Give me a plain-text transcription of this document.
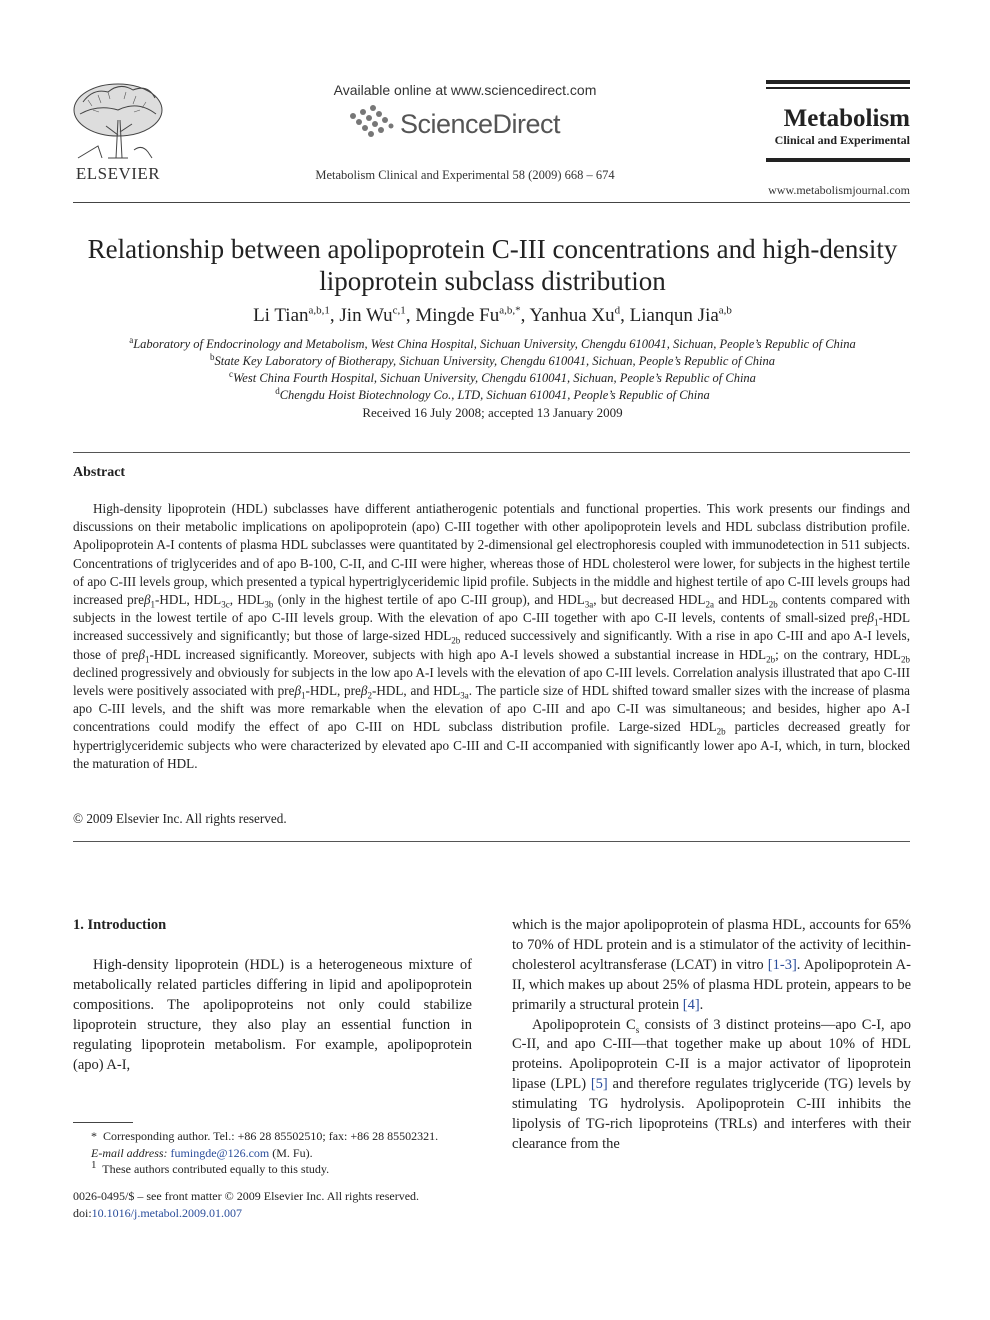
ELSEVIER
Available online at www.sciencedirect.com
ScienceDirect
Metabolism Clinical and Experimental 58 (2009) 668 – 674
Metabolism
Clinical and Experimental
www.metabolismjournal.com
Relationship between apolipoprotein C-III concentrations and high-density lipoprotein subclass distribution
Li Tian$^{a,b,1}$, Jin Wu$^{c,1}$, Mingde $Fu^{a,b,*}$, Yanhua Xu$^d$, Lianqun Jia$^{a,b}$
$^a$Laboratory of Endocrinology and Metabolism, West China Hospital, Sichuan University, Chengdu 610041, Sichuan, People’s Republic of China
$^b$State Key Laboratory of Biotherapy, Sichuan University, Chengdu 610041, Sichuan, People’s Republic of China
$^c$West China Fourth Hospital, Sichuan University, Chengdu 610041, Sichuan, People’s Republic of China
$^d$Chengdu Hoist Biotechnology Co., LTD, Sichuan 610041, People’s Republic of China
Received 16 July 2008; accepted 13 January 2009
Abstract
High-density lipoprotein (HDL) subclasses have different antiatherogenic potentials and functional properties. This work presents our findings and discussions on their metabolic implications on apolipoprotein (apo) C-III together with other apolipoprotein levels and HDL subclass distribution profile. Apolipoprotein A-I contents of plasma HDL subclasses were quantitated by 2-dimensional gel electrophoresis coupled with immunodetection in 511 subjects. Concentrations of triglycerides and of apo B-100, C-II, and C-III were higher, whereas those of HDL cholesterol were lower, for subjects in the highest tertile of apo C-III levels group, which presented a typical hypertriglyceridemic lipid profile. Subjects in the middle and highest tertile of apo C-III levels groups had increased preβ$_1$-HDL, $HDL_{3c}$, $HDL_{3b}$ (only in the highest tertile of apo C-III group), and $HDL_{3a}$, but decreased $HDL_{2a}$ and $HDL_{2b}$ contents compared with subjects in the lowest tertile of apo C-III levels group. With the elevation of apo C-III together with apo C-II levels, contents of small-sized preβ$_1$-HDL increased successively and significantly; but those of large-sized $HDL_{2b}$ reduced successively and significantly. With a rise in apo C-III and apo A-I levels, those of preβ$_1$-HDL increased significantly. Moreover, subjects with high apo A-I levels showed a substantial increase in $HDL_{2b}$; on the contrary, $HDL_{2b}$ declined progressively and obviously for subjects in the low apo A-I levels with the elevation of apo C-III levels. Correlation analysis illustrated that apo C-III levels were positively associated with preβ$_1$-HDL, preβ$_2$-HDL, and $HDL_{3a}$. The particle size of HDL shifted toward smaller sizes with the increase of plasma apo C-III levels, and the shift was more remarkable when the elevation of apo C-III and apo C-II was simultaneous; and besides, higher apo A-I concentrations could modify the effect of apo C-III on HDL subclass distribution profile. Large-sized $HDL_{2b}$ particles decreased greatly for hypertriglyceridemic subjects who were characterized by elevated apo C-III and C-II accompanied with significantly lower apo A-I, which, in turn, blocked the maturation of HDL.
© 2009 Elsevier Inc. All rights reserved.
1. Introduction
High-density lipoprotein (HDL) is a heterogeneous mixture of metabolically related particles differing in lipid and apolipoprotein compositions. The apolipoproteins not only could stabilize lipoprotein structure, they also play an essential function in regulating lipoprotein metabolism. For example, apolipoprotein (apo) A-I,

which is the major apolipoprotein of plasma HDL, accounts for 65% to 70% of HDL protein and is a stimulator of the activity of lecithin-cholesterol acyltransferase (LCAT) in vitro [1-3]. Apolipoprotein A-II, which makes up about 25% of plasma HDL protein, appears to be primarily a structural protein [4].

Apolipoprotein $C_s$ consists of 3 distinct proteins—apo C-I, apo C-II, and apo C-III—that together make up about 10% of HDL proteins. Apolipoprotein C-II is a major activator of lipoprotein lipase (LPL) [5] and therefore regulates triglyceride (TG) levels by stimulating TG hydrolysis. Apolipoprotein C-III inhibits the lipolysis of TG-rich lipoproteins (TRLs) and interferes with their clearance from the

* Corresponding author. Tel.: +86 28 85502510; fax: +86 28 85502321.
E-mail address: fumingde@126.com (M. Fu).
$^1$ These authors contributed equally to this study.
0026-0495/$ – see front matter © 2009 Elsevier Inc. All rights reserved.
doi:10.1016/j.metabol.2009.01.007
